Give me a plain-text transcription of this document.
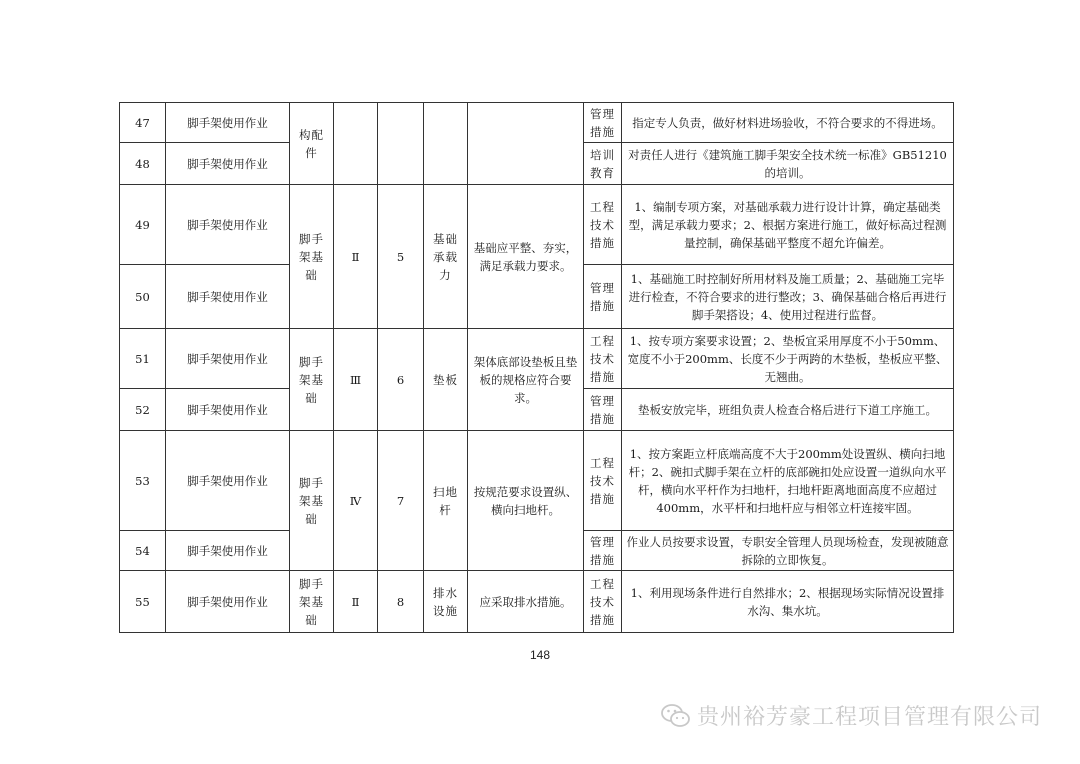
47	脚手架使用作业	构配件					管理措施	指定专人负责，做好材料进场验收，不符合要求的不得进场。
48	脚手架使用作业						培训教育	对责任人进行《建筑施工脚手架安全技术统一标准》GB51210 的培训。
49	脚手架使用作业	脚手架基础	Ⅱ	5	基础承载力	基础应平整、夯实，满足承载力要求。	工程技术措施	1、编制专项方案，对基础承载力进行设计计算，确定基础类型，满足承载力要求；2、根据方案进行施工，做好标高过程测量控制，确保基础平整度不超允许偏差。
50	脚手架使用作业						管理措施	1、基础施工时控制好所用材料及施工质量；2、基础施工完毕进行检查，不符合要求的进行整改；3、确保基础合格后再进行脚手架搭设；4、使用过程进行监督。
51	脚手架使用作业	脚手架基础	Ⅲ	6	垫板	架体底部设垫板且垫板的规格应符合要求。	工程技术措施	1、按专项方案要求设置；2、垫板宜采用厚度不小于50mm、宽度不小于200mm、长度不少于两跨的木垫板，垫板应平整、无翘曲。
52	脚手架使用作业						管理措施	垫板安放完毕，班组负责人检查合格后进行下道工序施工。
53	脚手架使用作业	脚手架基础	Ⅳ	7	扫地杆	按规范要求设置纵、横向扫地杆。	工程技术措施	1、按方案距立杆底端高度不大于200mm处设置纵、横向扫地杆；2、碗扣式脚手架在立杆的底部碗扣处应设置一道纵向水平杆，横向水平杆作为扫地杆，扫地杆距离地面高度不应超过400mm，水平杆和扫地杆应与相邻立杆连接牢固。
54	脚手架使用作业						管理措施	作业人员按要求设置，专职安全管理人员现场检查，发现被随意拆除的立即恢复。
55	脚手架使用作业	脚手架基础	Ⅱ	8	排水设施	应采取排水措施。	工程技术措施	1、利用现场条件进行自然排水；2、根据现场实际情况设置排水沟、集水坑。
148
贵州裕芳豪工程项目管理有限公司
